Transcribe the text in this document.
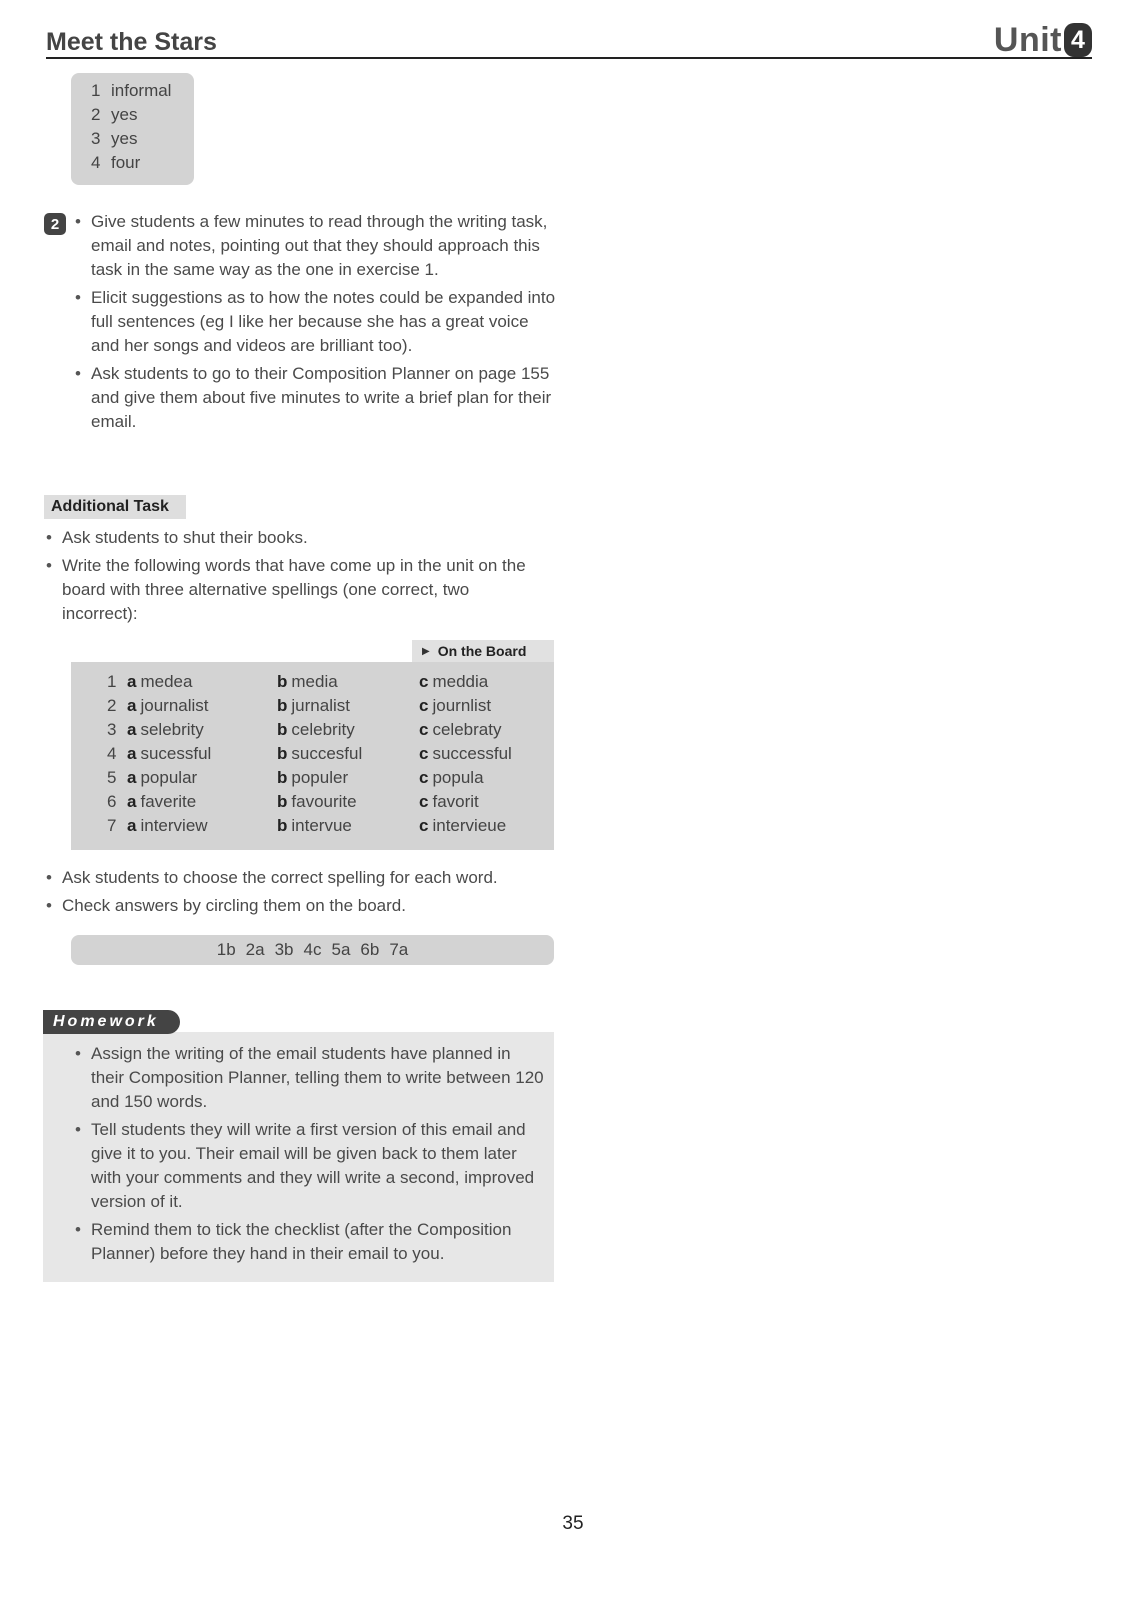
Meet the Stars	Unit 4
1 informal
2 yes
3 yes
4 four
2	• Give students a few minutes to read through the writing task, email and notes, pointing out that they should approach this task in the same way as the one in exercise 1.
• Elicit suggestions as to how the notes could be expanded into full sentences (eg I like her because she has a great voice and her songs and videos are brilliant too).
• Ask students to go to their Composition Planner on page 155 and give them about five minutes to write a brief plan for their email.
Additional Task
• Ask students to shut their books.
• Write the following words that have come up in the unit on the board with three alternative spellings (one correct, two incorrect):
▶ On the Board
1	a medea	b media	c meddia
2	a journalist	b jurnalist	c journlist
3	a selebrity	b celebrity	c celebraty
4	a sucessful	b succesful	c successful
5	a popular	b populer	c popula
6	a faverite	b favourite	c favorit
7	a interview	b intervue	c intervieue
• Ask students to choose the correct spelling for each word.
• Check answers by circling them on the board.
1b 2a 3b 4c 5a 6b 7a
Homework
• Assign the writing of the email students have planned in their Composition Planner, telling them to write between 120 and 150 words.
• Tell students they will write a first version of this email and give it to you. Their email will be given back to them later with your comments and they will write a second, improved version of it.
• Remind them to tick the checklist (after the Composition Planner) before they hand in their email to you.
35
